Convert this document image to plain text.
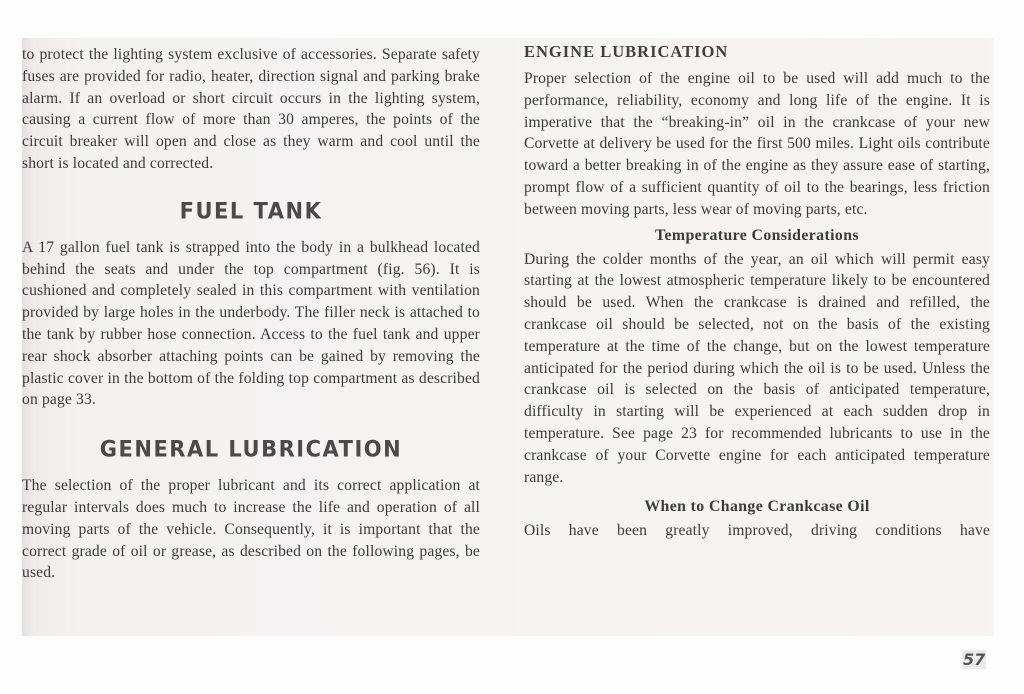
to protect the lighting system exclusive of accessories. Separate safety fuses are provided for radio, heater, direction signal and parking brake alarm. If an overload or short circuit occurs in the lighting system, causing a current flow of more than 30 amperes, the points of the circuit breaker will open and close as they warm and cool until the short is located and corrected.

FUEL TANK

A 17 gallon fuel tank is strapped into the body in a bulkhead located behind the seats and under the top compartment (fig. 56). It is cushioned and completely sealed in this compartment with ventilation provided by large holes in the underbody. The filler neck is attached to the tank by rubber hose connection. Access to the fuel tank and upper rear shock absorber attaching points can be gained by removing the plastic cover in the bottom of the folding top compartment as described on page 33.

GENERAL LUBRICATION

The selection of the proper lubricant and its correct application at regular intervals does much to increase the life and operation of all moving parts of the vehicle. Consequently, it is important that the correct grade of oil or grease, as described on the following pages, be used.

ENGINE LUBRICATION

Proper selection of the engine oil to be used will add much to the performance, reliability, economy and long life of the engine. It is imperative that the “breaking-in” oil in the crankcase of your new Corvette at delivery be used for the first 500 miles. Light oils contribute toward a better breaking in of the engine as they assure ease of starting, prompt flow of a sufficient quantity of oil to the bearings, less friction between moving parts, less wear of moving parts, etc.

Temperature Considerations

During the colder months of the year, an oil which will permit easy starting at the lowest atmospheric temperature likely to be encountered should be used. When the crankcase is drained and refilled, the crankcase oil should be selected, not on the basis of the existing temperature at the time of the change, but on the lowest temperature anticipated for the period during which the oil is to be used. Unless the crankcase oil is selected on the basis of anticipated temperature, difficulty in starting will be experienced at each sudden drop in temperature. See page 23 for recommended lubricants to use in the crankcase of your Corvette engine for each anticipated temperature range.

When to Change Crankcase Oil

Oils have been greatly improved, driving conditions have

57
